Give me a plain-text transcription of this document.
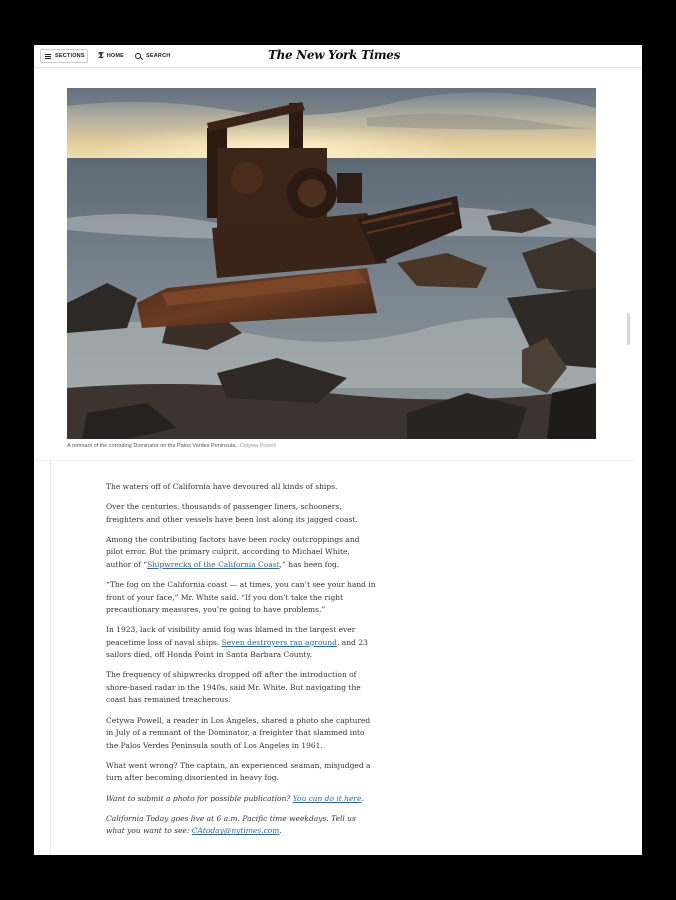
SECTIONS 𝕿 HOME	SEARCH	The New York Times
A remnant of the corroding Dominator on the Palos Verdes Peninsula. Cetywa Powell

The waters off of California have devoured all kinds of ships.

Over the centuries, thousands of passenger liners, schooners, freighters and other vessels have been lost along its jagged coast.

Among the contributing factors have been rocky outcroppings and pilot error. But the primary culprit, according to Michael White, author of “Shipwrecks of the California Coast,” has been fog.

“The fog on the California coast — at times, you can’t see your hand in front of your face,” Mr. White said. “If you don’t take the right precautionary measures, you’re going to have problems.”

In 1923, lack of visibility amid fog was blamed in the largest ever peacetime loss of naval ships. Seven destroyers ran aground, and 23 sailors died, off Honda Point in Santa Barbara County.

The frequency of shipwrecks dropped off after the introduction of shore-based radar in the 1940s, said Mr. White. But navigating the coast has remained treacherous.

Cetywa Powell, a reader in Los Angeles, shared a photo she captured in July of a remnant of the Dominator, a freighter that slammed into the Palos Verdes Peninsula south of Los Angeles in 1961.

What went wrong? The captain, an experienced seaman, misjudged a turn after becoming disoriented in heavy fog.

Want to submit a photo for possible publication? You can do it here.

California Today goes live at 6 a.m. Pacific time weekdays. Tell us what you want to see: CAtoday@nytimes.com.
